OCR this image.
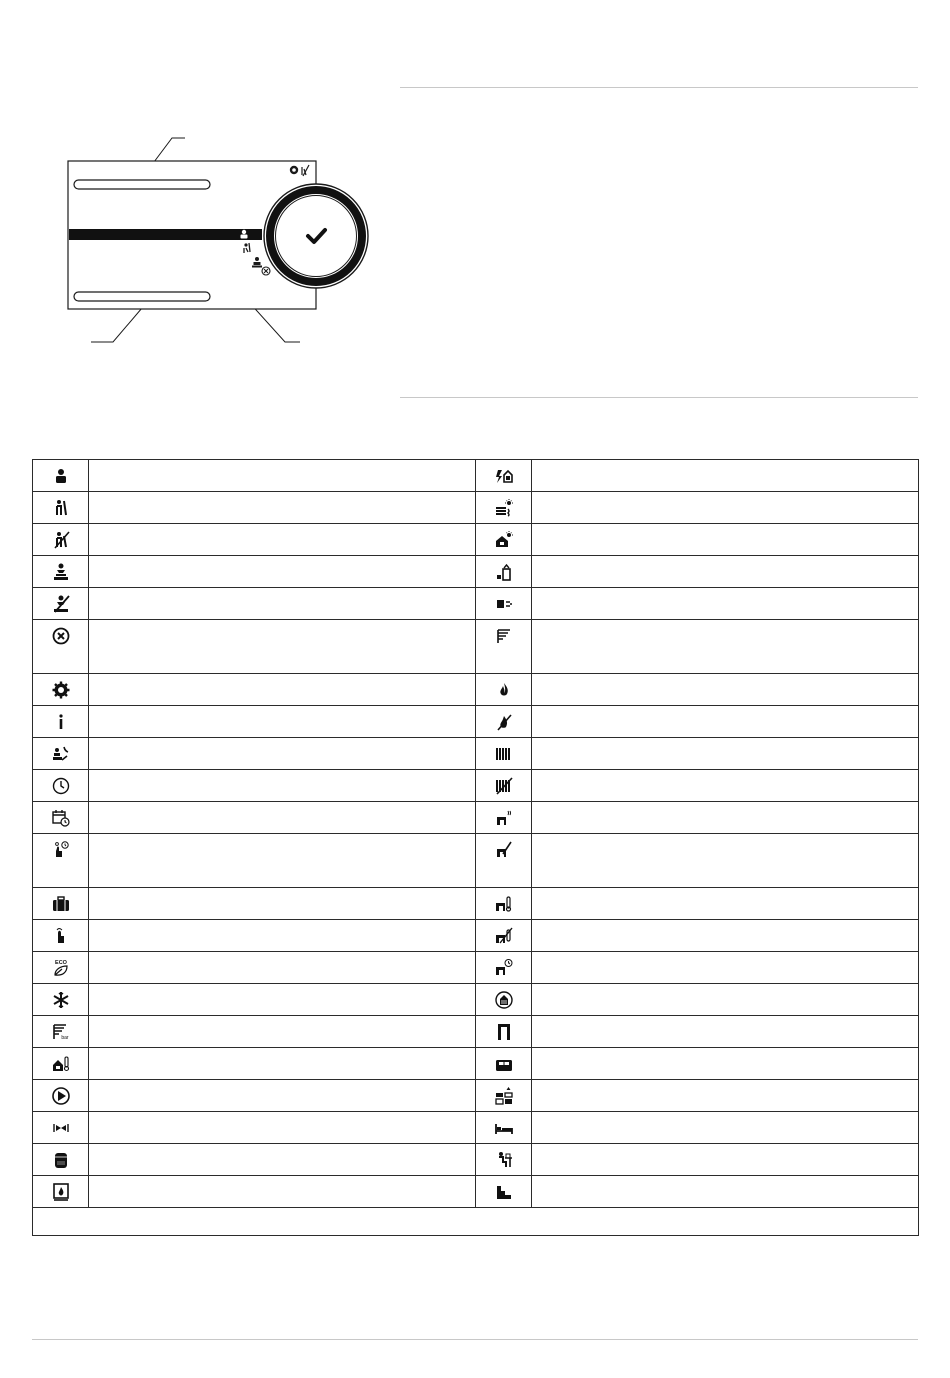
ECO

bar
